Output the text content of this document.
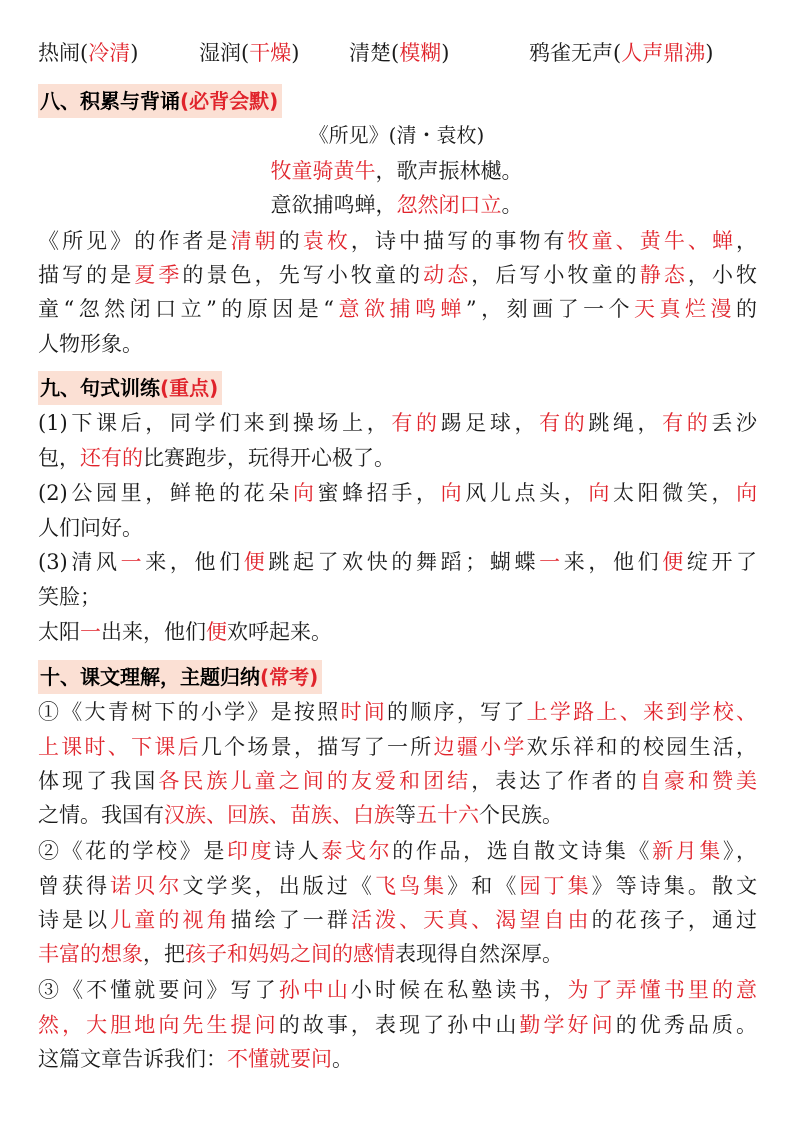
热闹(冷清)	湿润(干燥) 清楚(模糊)	鸦雀无声(人声鼎沸)
八、积累与背诵(必背会默)
《所见》(清・袁枚)
牧童骑黄牛，歌声振林樾。
意欲捕鸣蝉，忽然闭口立。
《所见》的作者是清朝的袁枚，诗中描写的事物有牧童、黄牛、蝉，
描写的是夏季的景色，先写小牧童的动态，后写小牧童的静态，小牧
童“忽然闭口立”的原因是“意欲捕鸣蝉”，刻画了一个天真烂漫的
人物形象。
九、句式训练(重点)
(1)下课后，同学们来到操场上，有的踢足球，有的跳绳，有的丢沙
包，还有的比赛跑步，玩得开心极了。
(2)公园里，鲜艳的花朵向蜜蜂招手，向风儿点头，向太阳微笑，向
人们问好。
(3)清风一来，他们便跳起了欢快的舞蹈；蝴蝶一来，他们便绽开了
笑脸；
太阳一出来，他们便欢呼起来。
十、课文理解，主题归纳(常考)
①《大青树下的小学》是按照时间的顺序，写了上学路上、来到学校、
上课时、下课后几个场景，描写了一所边疆小学欢乐祥和的校园生活，
体现了我国各民族儿童之间的友爱和团结，表达了作者的自豪和赞美
之情。我国有汉族、回族、苗族、白族等五十六个民族。
②《花的学校》是印度诗人泰戈尔的作品，选自散文诗集《新月集》，
曾获得诺贝尔文学奖，出版过《飞鸟集》和《园丁集》等诗集。散文
诗是以儿童的视角描绘了一群活泼、天真、渴望自由的花孩子，通过
丰富的想象，把孩子和妈妈之间的感情表现得自然深厚。
③《不懂就要问》写了孙中山小时候在私塾读书，为了弄懂书里的意
然，大胆地向先生提问的故事，表现了孙中山勤学好问的优秀品质。
这篇文章告诉我们：不懂就要问。
